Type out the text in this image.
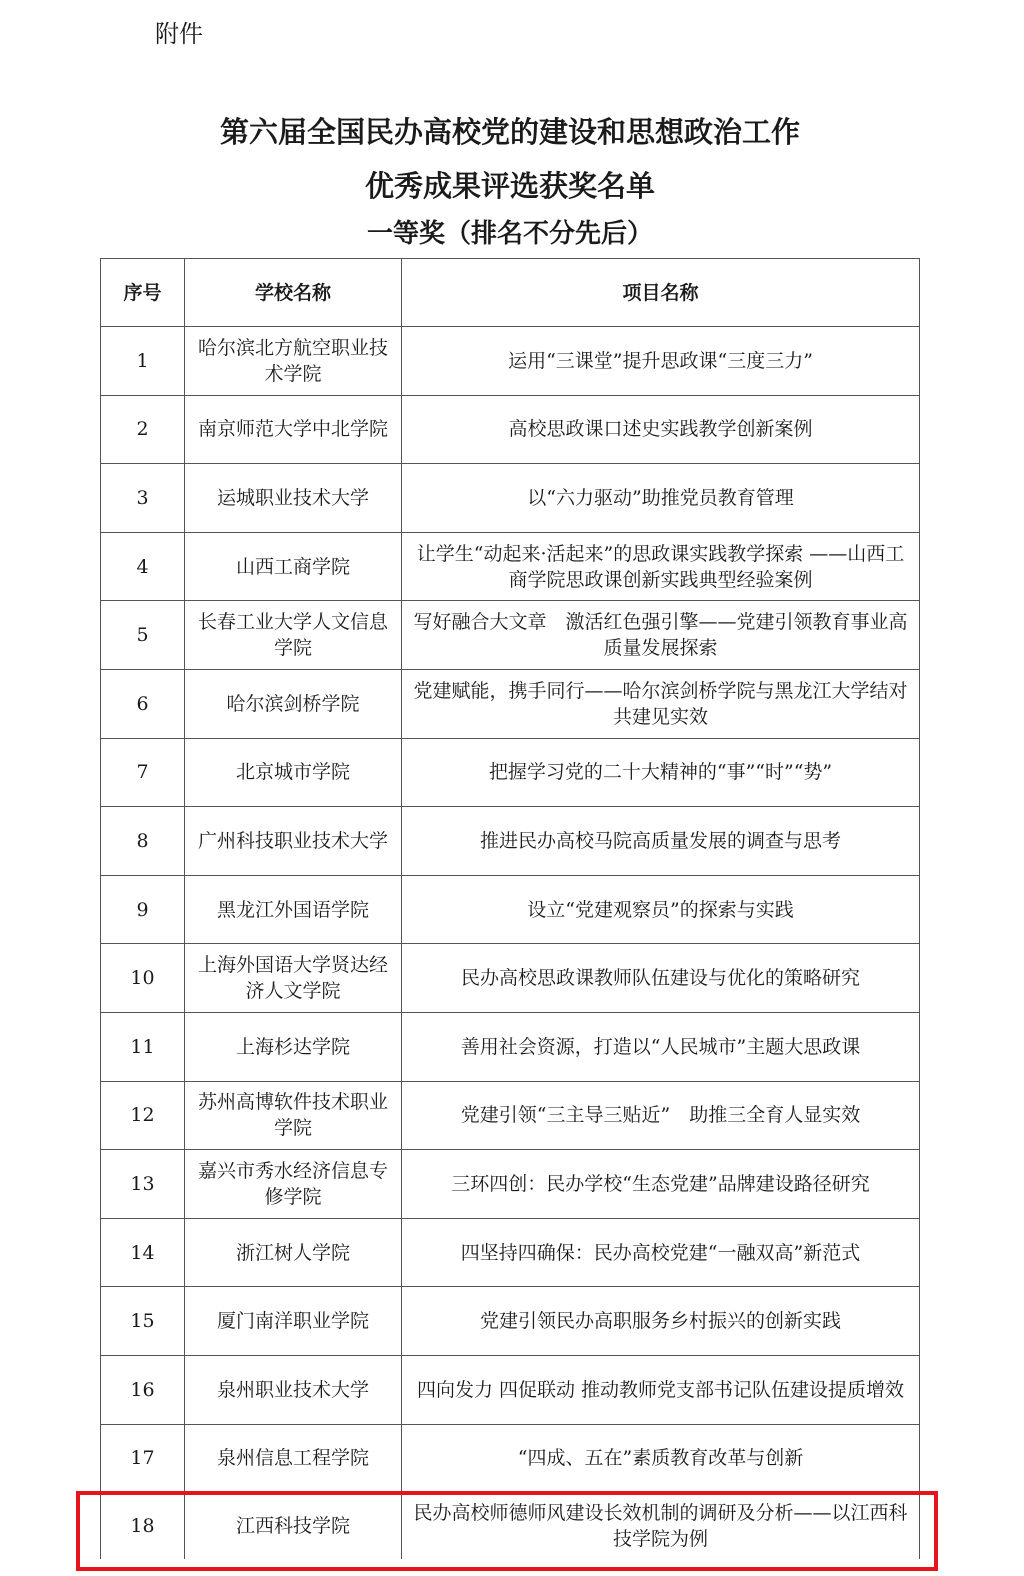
附件
第六届全国民办高校党的建设和思想政治工作
优秀成果评选获奖名单
一等奖（排名不分先后）
序号	学校名称	项目名称
1	哈尔滨北方航空职业技术学院	运用“三课堂”提升思政课“三度三力”
2	南京师范大学中北学院	高校思政课口述史实践教学创新案例
3	运城职业技术大学	以“六力驱动”助推党员教育管理
4	山西工商学院	让学生“动起来·活起来”的思政课实践教学探索 ——山西工商学院思政课创新实践典型经验案例
5	长春工业大学人文信息学院	写好融合大文章　激活红色强引擎——党建引领教育事业高质量发展探索
6	哈尔滨剑桥学院	党建赋能，携手同行——哈尔滨剑桥学院与黑龙江大学结对共建见实效
7	北京城市学院	把握学习党的二十大精神的“事”“时”“势”
8	广州科技职业技术大学	推进民办高校马院高质量发展的调查与思考
9	黑龙江外国语学院	设立“党建观察员”的探索与实践
10	上海外国语大学贤达经济人文学院	民办高校思政课教师队伍建设与优化的策略研究
11	上海杉达学院	善用社会资源，打造以“人民城市”主题大思政课
12	苏州高博软件技术职业学院	党建引领“三主导三贴近”　助推三全育人显实效
13	嘉兴市秀水经济信息专修学院	三环四创：民办学校“生态党建”品牌建设路径研究
14	浙江树人学院	四坚持四确保：民办高校党建“一融双高”新范式
15	厦门南洋职业学院	党建引领民办高职服务乡村振兴的创新实践
16	泉州职业技术大学	四向发力 四促联动 推动教师党支部书记队伍建设提质增效
17	泉州信息工程学院	“四成、五在”素质教育改革与创新
18	江西科技学院	民办高校师德师风建设长效机制的调研及分析——以江西科技学院为例
